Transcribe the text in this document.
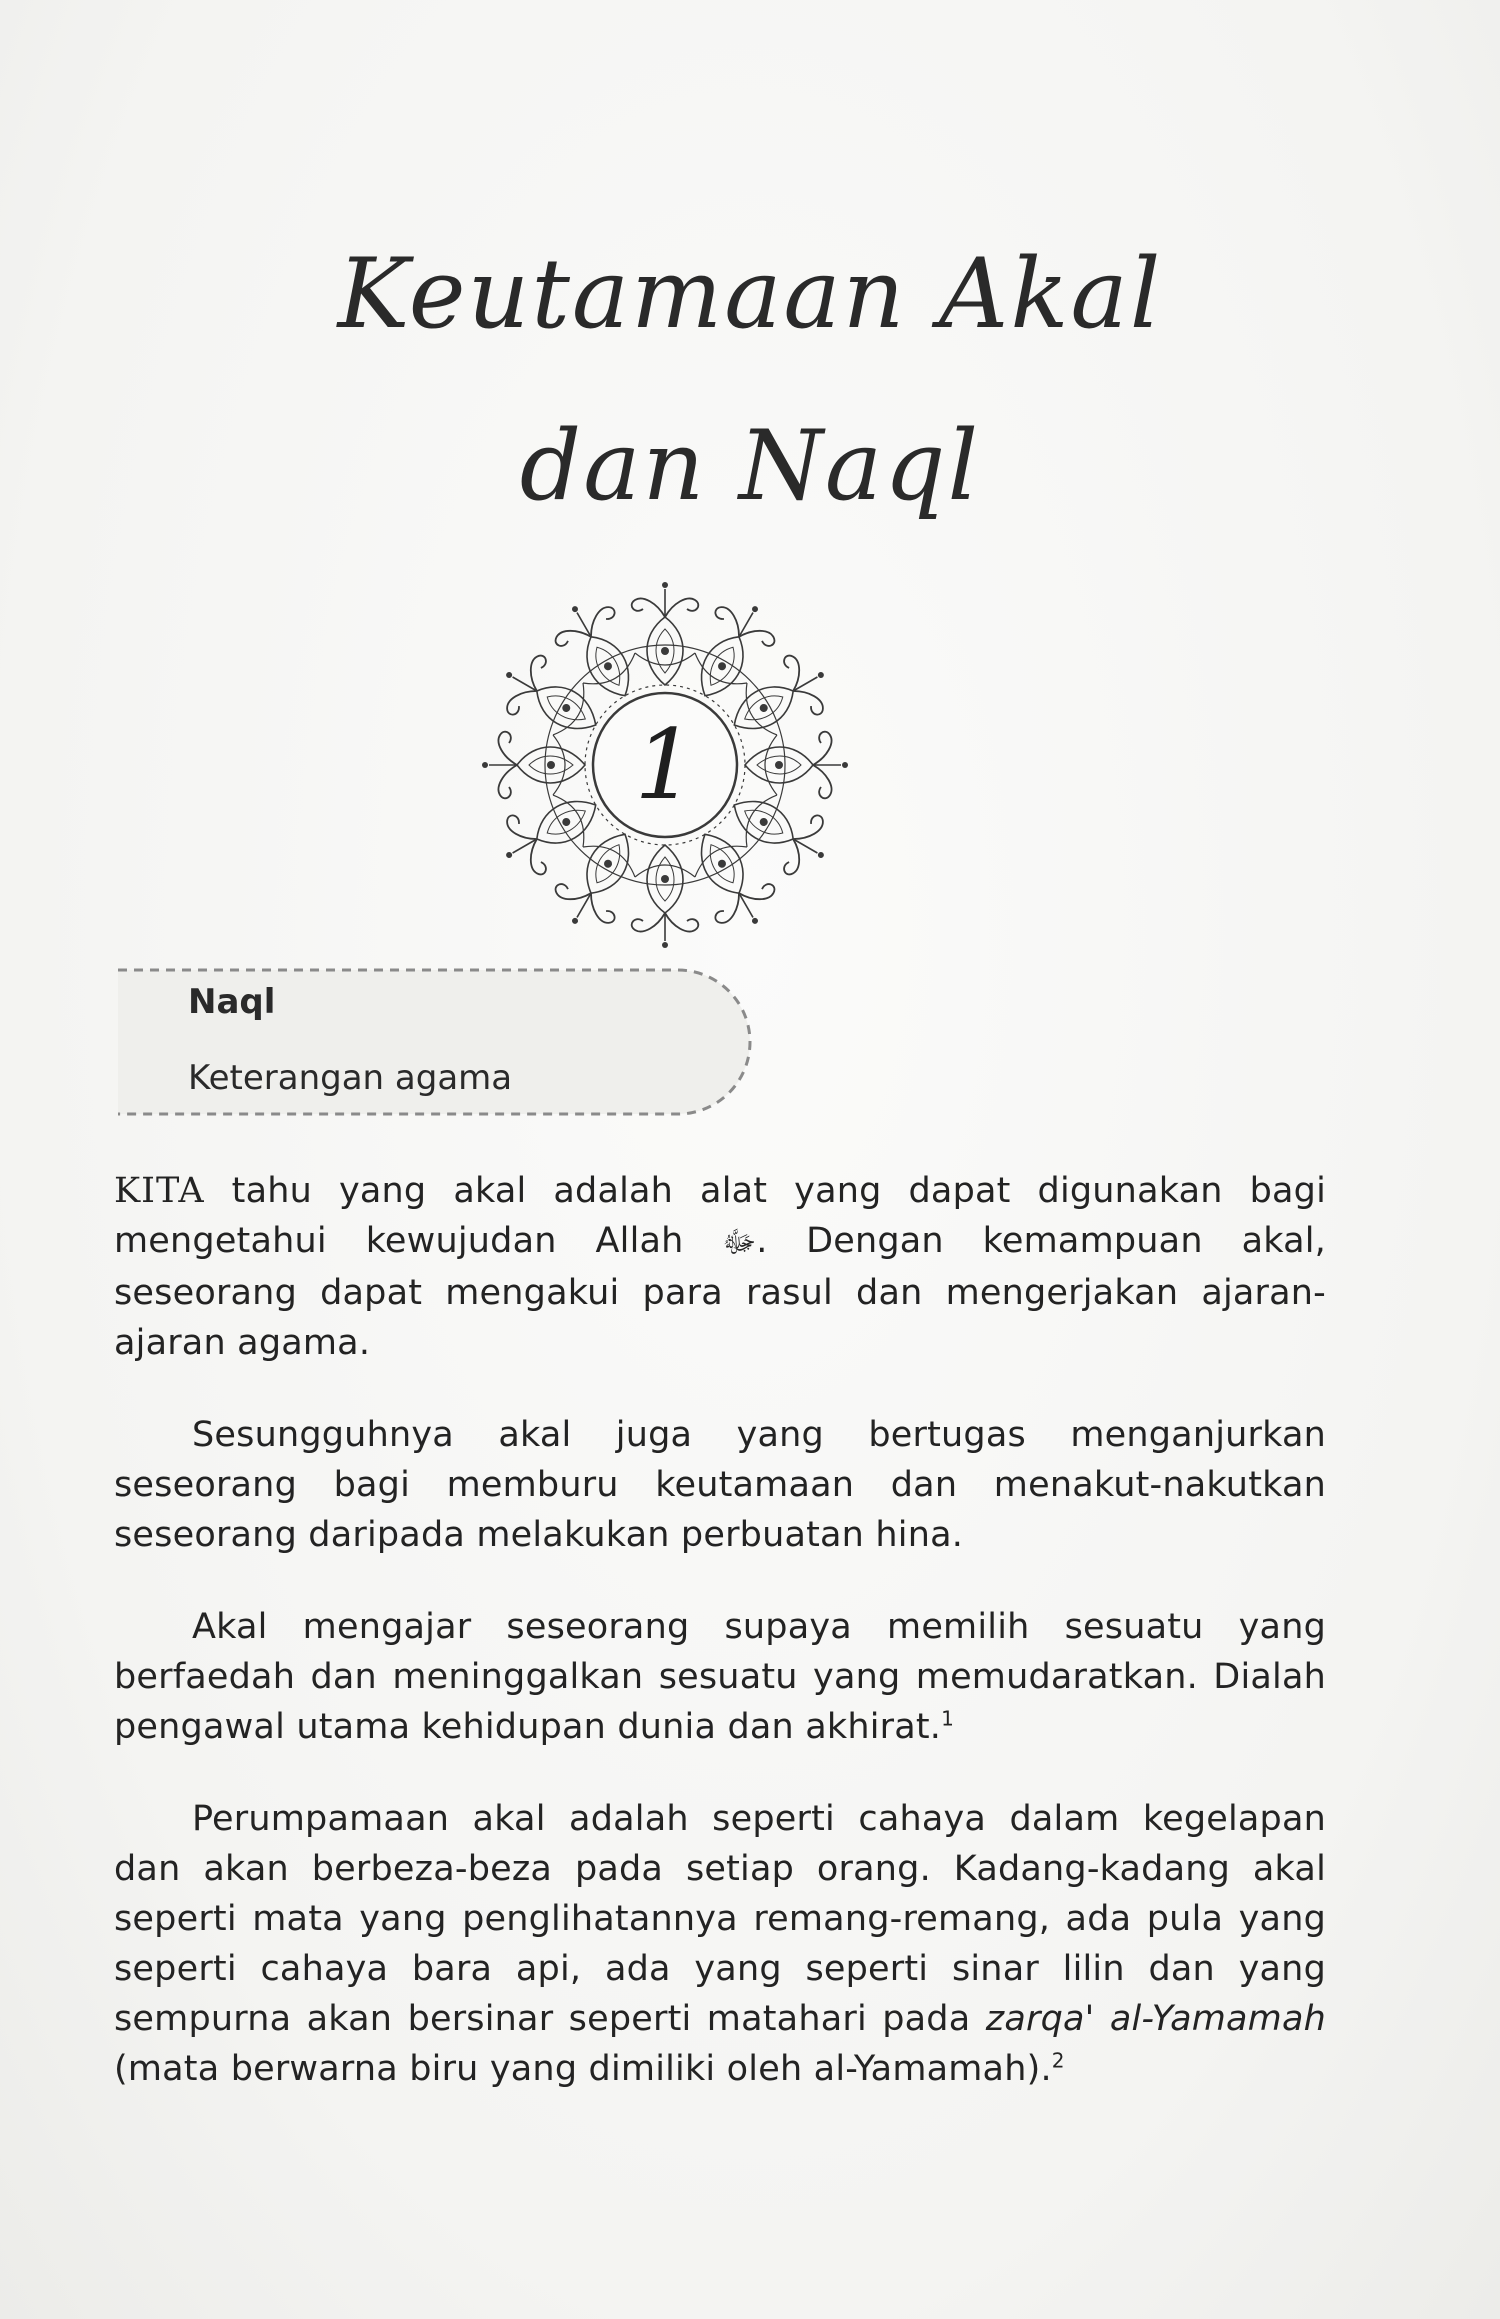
Keutamaan Akal
dan Naql
1
Naql
Keterangan agama

KITA tahu yang akal adalah alat yang dapat digunakan bagi mengetahui kewujudan Allah ﷻ. Dengan kemampuan akal, seseorang dapat mengakui para rasul dan mengerjakan ajaran-ajaran agama.

Sesungguhnya akal juga yang bertugas menganjurkan seseorang bagi memburu keutamaan dan menakut-nakutkan seseorang daripada melakukan perbuatan hina.

Akal mengajar seseorang supaya memilih sesuatu yang berfaedah dan meninggalkan sesuatu yang memudaratkan. Dialah pengawal utama kehidupan dunia dan akhirat.$^1$

Perumpamaan akal adalah seperti cahaya dalam kegelapan dan akan berbeza-beza pada setiap orang. Kadang-kadang akal seperti mata yang penglihatannya remang-remang, ada pula yang seperti cahaya bara api, ada yang seperti sinar lilin dan yang sempurna akan bersinar seperti matahari pada zarqa' al-Yamamah (mata berwarna biru yang dimiliki oleh al-Yamamah).$^2$
